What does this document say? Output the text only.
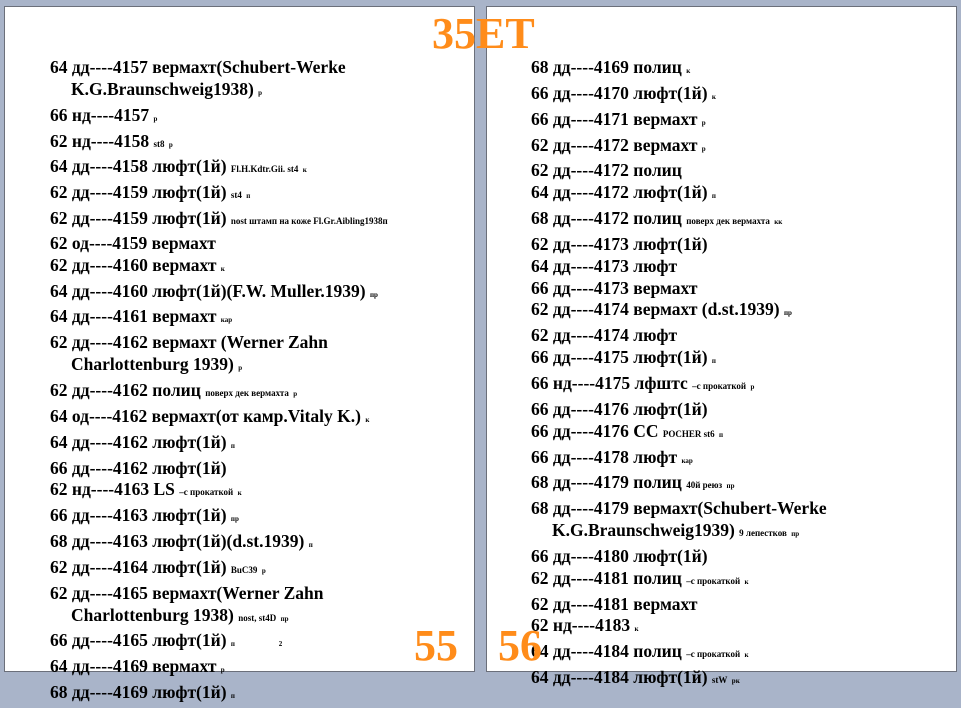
64 дд----4157 вермахт(Schubert-Werke
K.G.Braunschweig1938) р
66 нд----4157 р
62 нд----4158 st8 р
64 дд----4158 люфт(1й) Fl.H.Kdtr.Gii. st4 к
62 дд----4159 люфт(1й) st4 п
62 дд----4159 люфт(1й) nost штамп на коже Fl.Gr.Aibling1938п
62 од----4159 вермахт
62 дд----4160 вермахт к
64 дд----4160 люфт(1й)(F.W. Muller.1939) пр
64 дд----4161 вермахт кар
62 дд----4162 вермахт (Werner Zahn
Charlottenburg 1939) р
62 дд----4162 полиц поверх дек вермахта р
64 од----4162 вермахт(от камр.Vitaly K.) к
64 дд----4162 люфт(1й) п
66 дд----4162 люфт(1й)
62 нд----4163 LS –с прокаткой к
66 дд----4163 люфт(1й) пр
68 дд----4163 люфт(1й)(d.st.1939) п
62 дд----4164 люфт(1й) BuC39 р
62 дд----4165 вермахт(Werner Zahn
Charlottenburg 1938) nost, st4D пр
66 дд----4165 люфт(1й) п                         2
64 дд----4169 вермахт р
68 дд----4169 люфт(1й) п
55
68 дд----4169 полиц к
66 дд----4170 люфт(1й) к
66 дд----4171 вермахт р
62 дд----4172 вермахт р
62 дд----4172 полиц
64 дд----4172 люфт(1й) п
68 дд----4172 полиц поверх дек вермахта кк
62 дд----4173 люфт(1й)
64 дд----4173 люфт
66 дд----4173 вермахт
62 дд----4174 вермахт (d.st.1939) пр
62 дд----4174 люфт
66 дд----4175 люфт(1й) п
66 нд----4175 лфштс –с прокаткой р
66 дд----4176 люфт(1й)
66 дд----4176 СС POCHER st6 п
66 дд----4178 люфт кар
68 дд----4179 полиц 40й реюз пр
68 дд----4179 вермахт(Schubert-Werke
K.G.Braunschweig1939) 9 лепестков пр
66 дд----4180 люфт(1й)
62 дд----4181 полиц –с прокаткой к
62 дд----4181 вермахт
62 нд----4183 к
64 дд----4184 полиц –с прокаткой к
64 дд----4184 люфт(1й) stW рк
56
35ЕТ
